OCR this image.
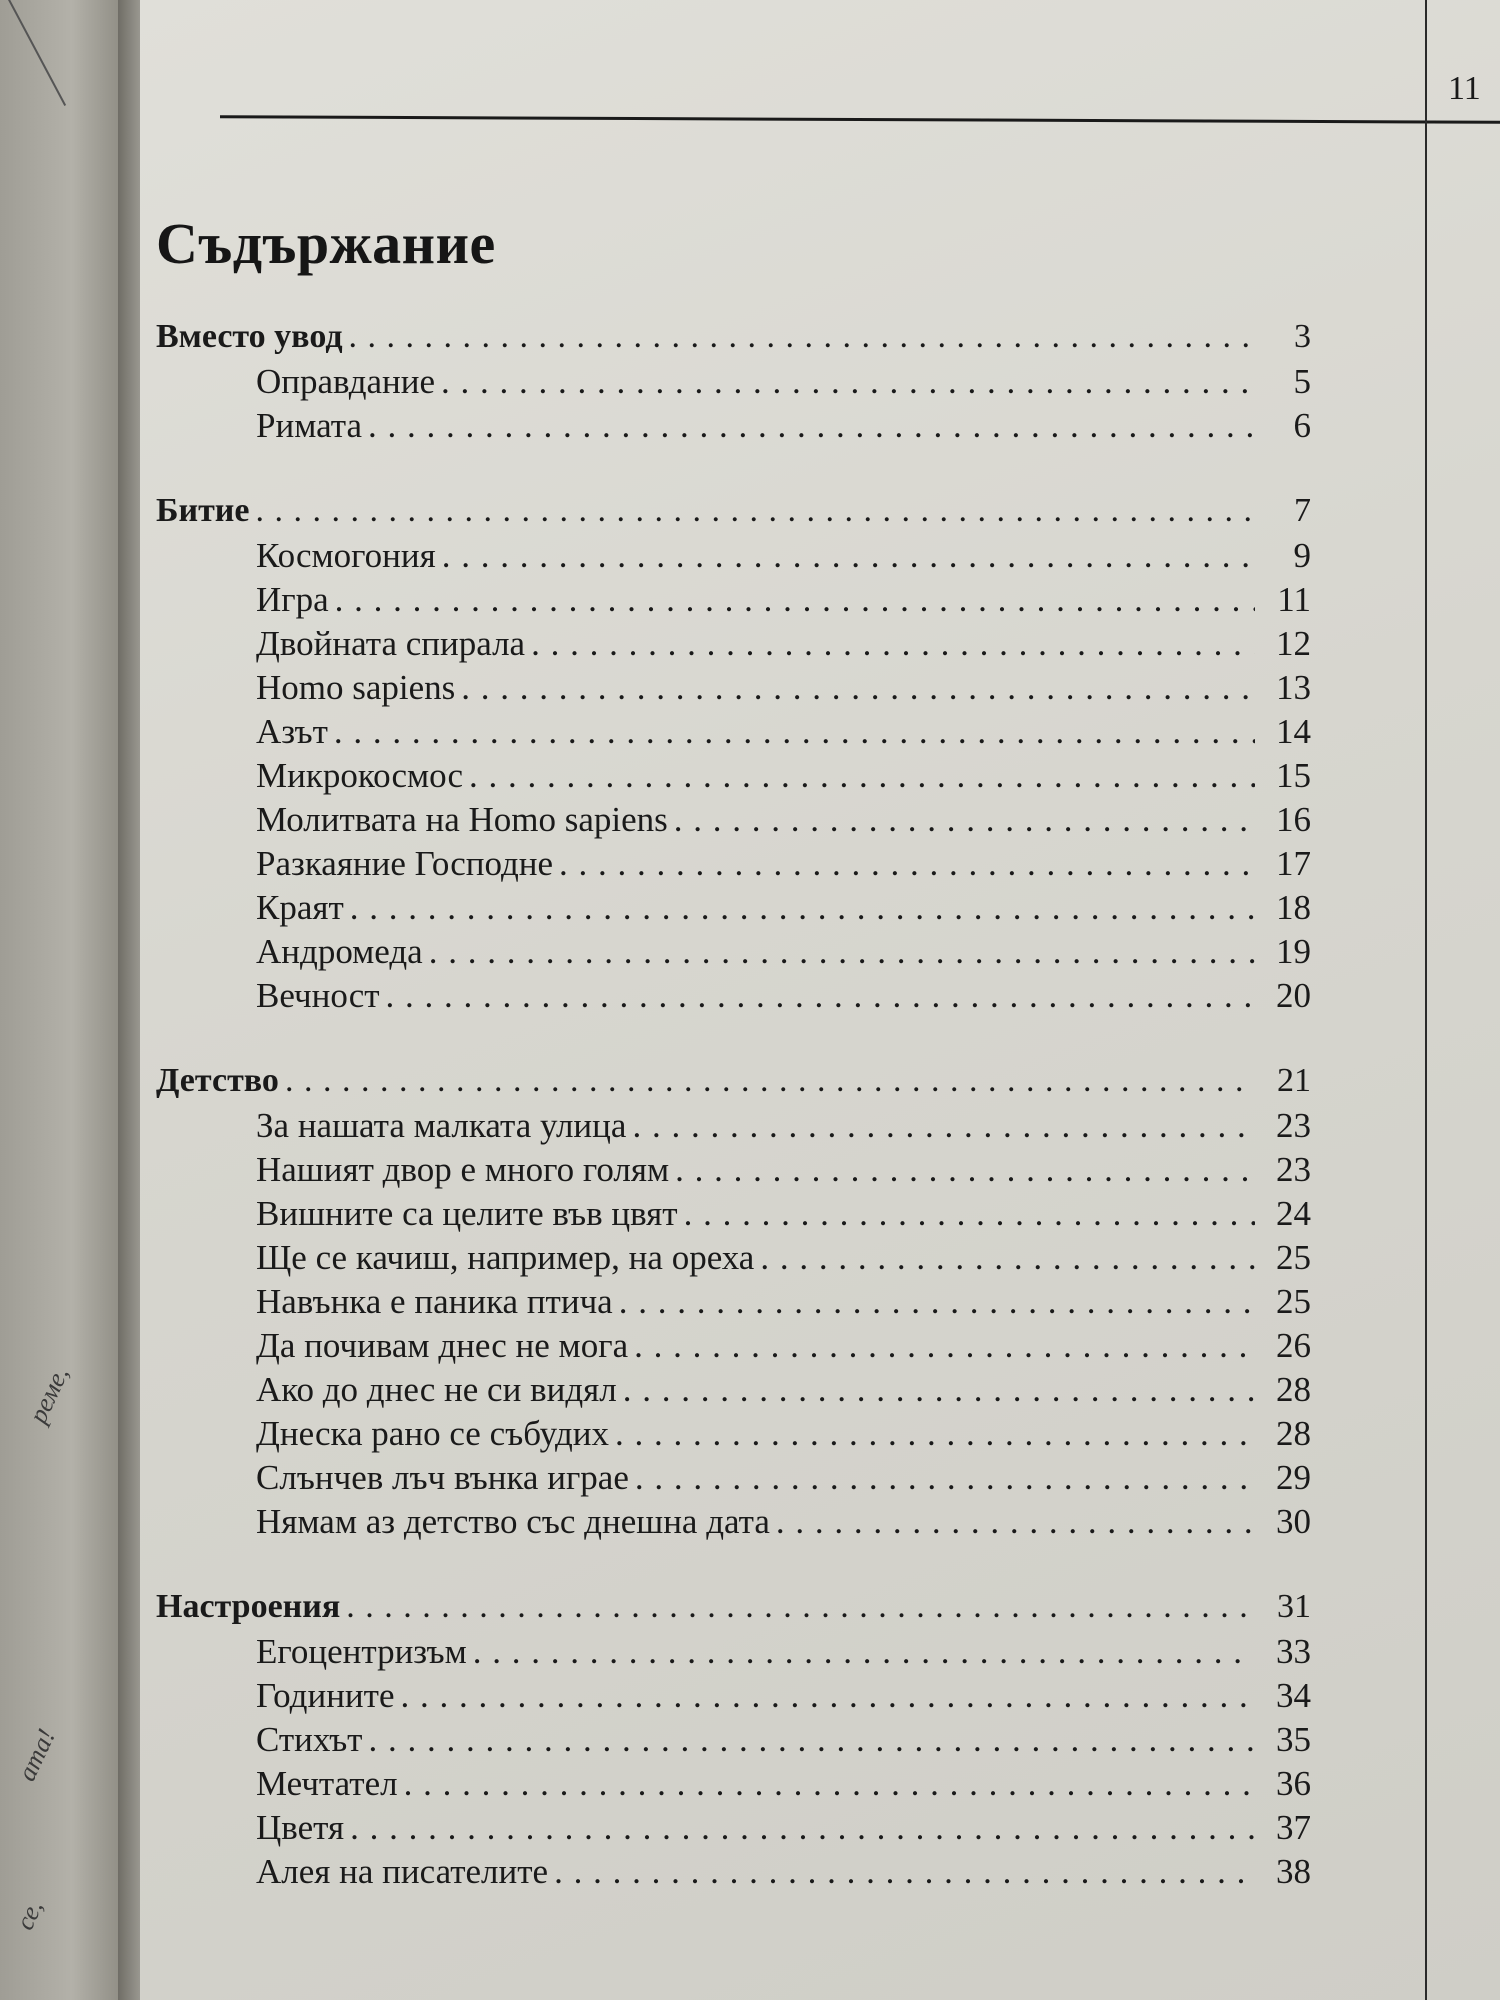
реме,
ата!
се,
11
Съдържание
Вместо увод . . .	3
Оправдание . . .	5
Римата . . .	6
Битие . . .	7
Космогония . . .	9
Игра . . .	11
Двойната спирала . . .	12
Homo sapiens . . .	13
Азът . . .	14
Микрокосмос . . .	15
Молитвата на Homo sapiens . . .	16
Разкаяние Господне . . .	17
Краят . . .	18
Андромеда . . .	19
Вечност . . .	20
Детство . . .	21
За нашата малката улица . . .	23
Нашият двор е много голям . . .	23
Вишните са целите във цвят . . .	24
Ще се качиш, например, на ореха . . .	25
Навънка е паника птича . . .	25
Да почивам днес не мога . . .	26
Ако до днес не си видял . . .	28
Днеска рано се събудих . . .	28
Слънчев лъч вънка играе . . .	29
Нямам аз детство със днешна дата . . .	30
Настроения . . .	31
Егоцентризъм . . .	33
Годините . . .	34
Стихът . . .	35
Мечтател . . .	36
Цветя . . .	37
Алея на писателите . . .	38
